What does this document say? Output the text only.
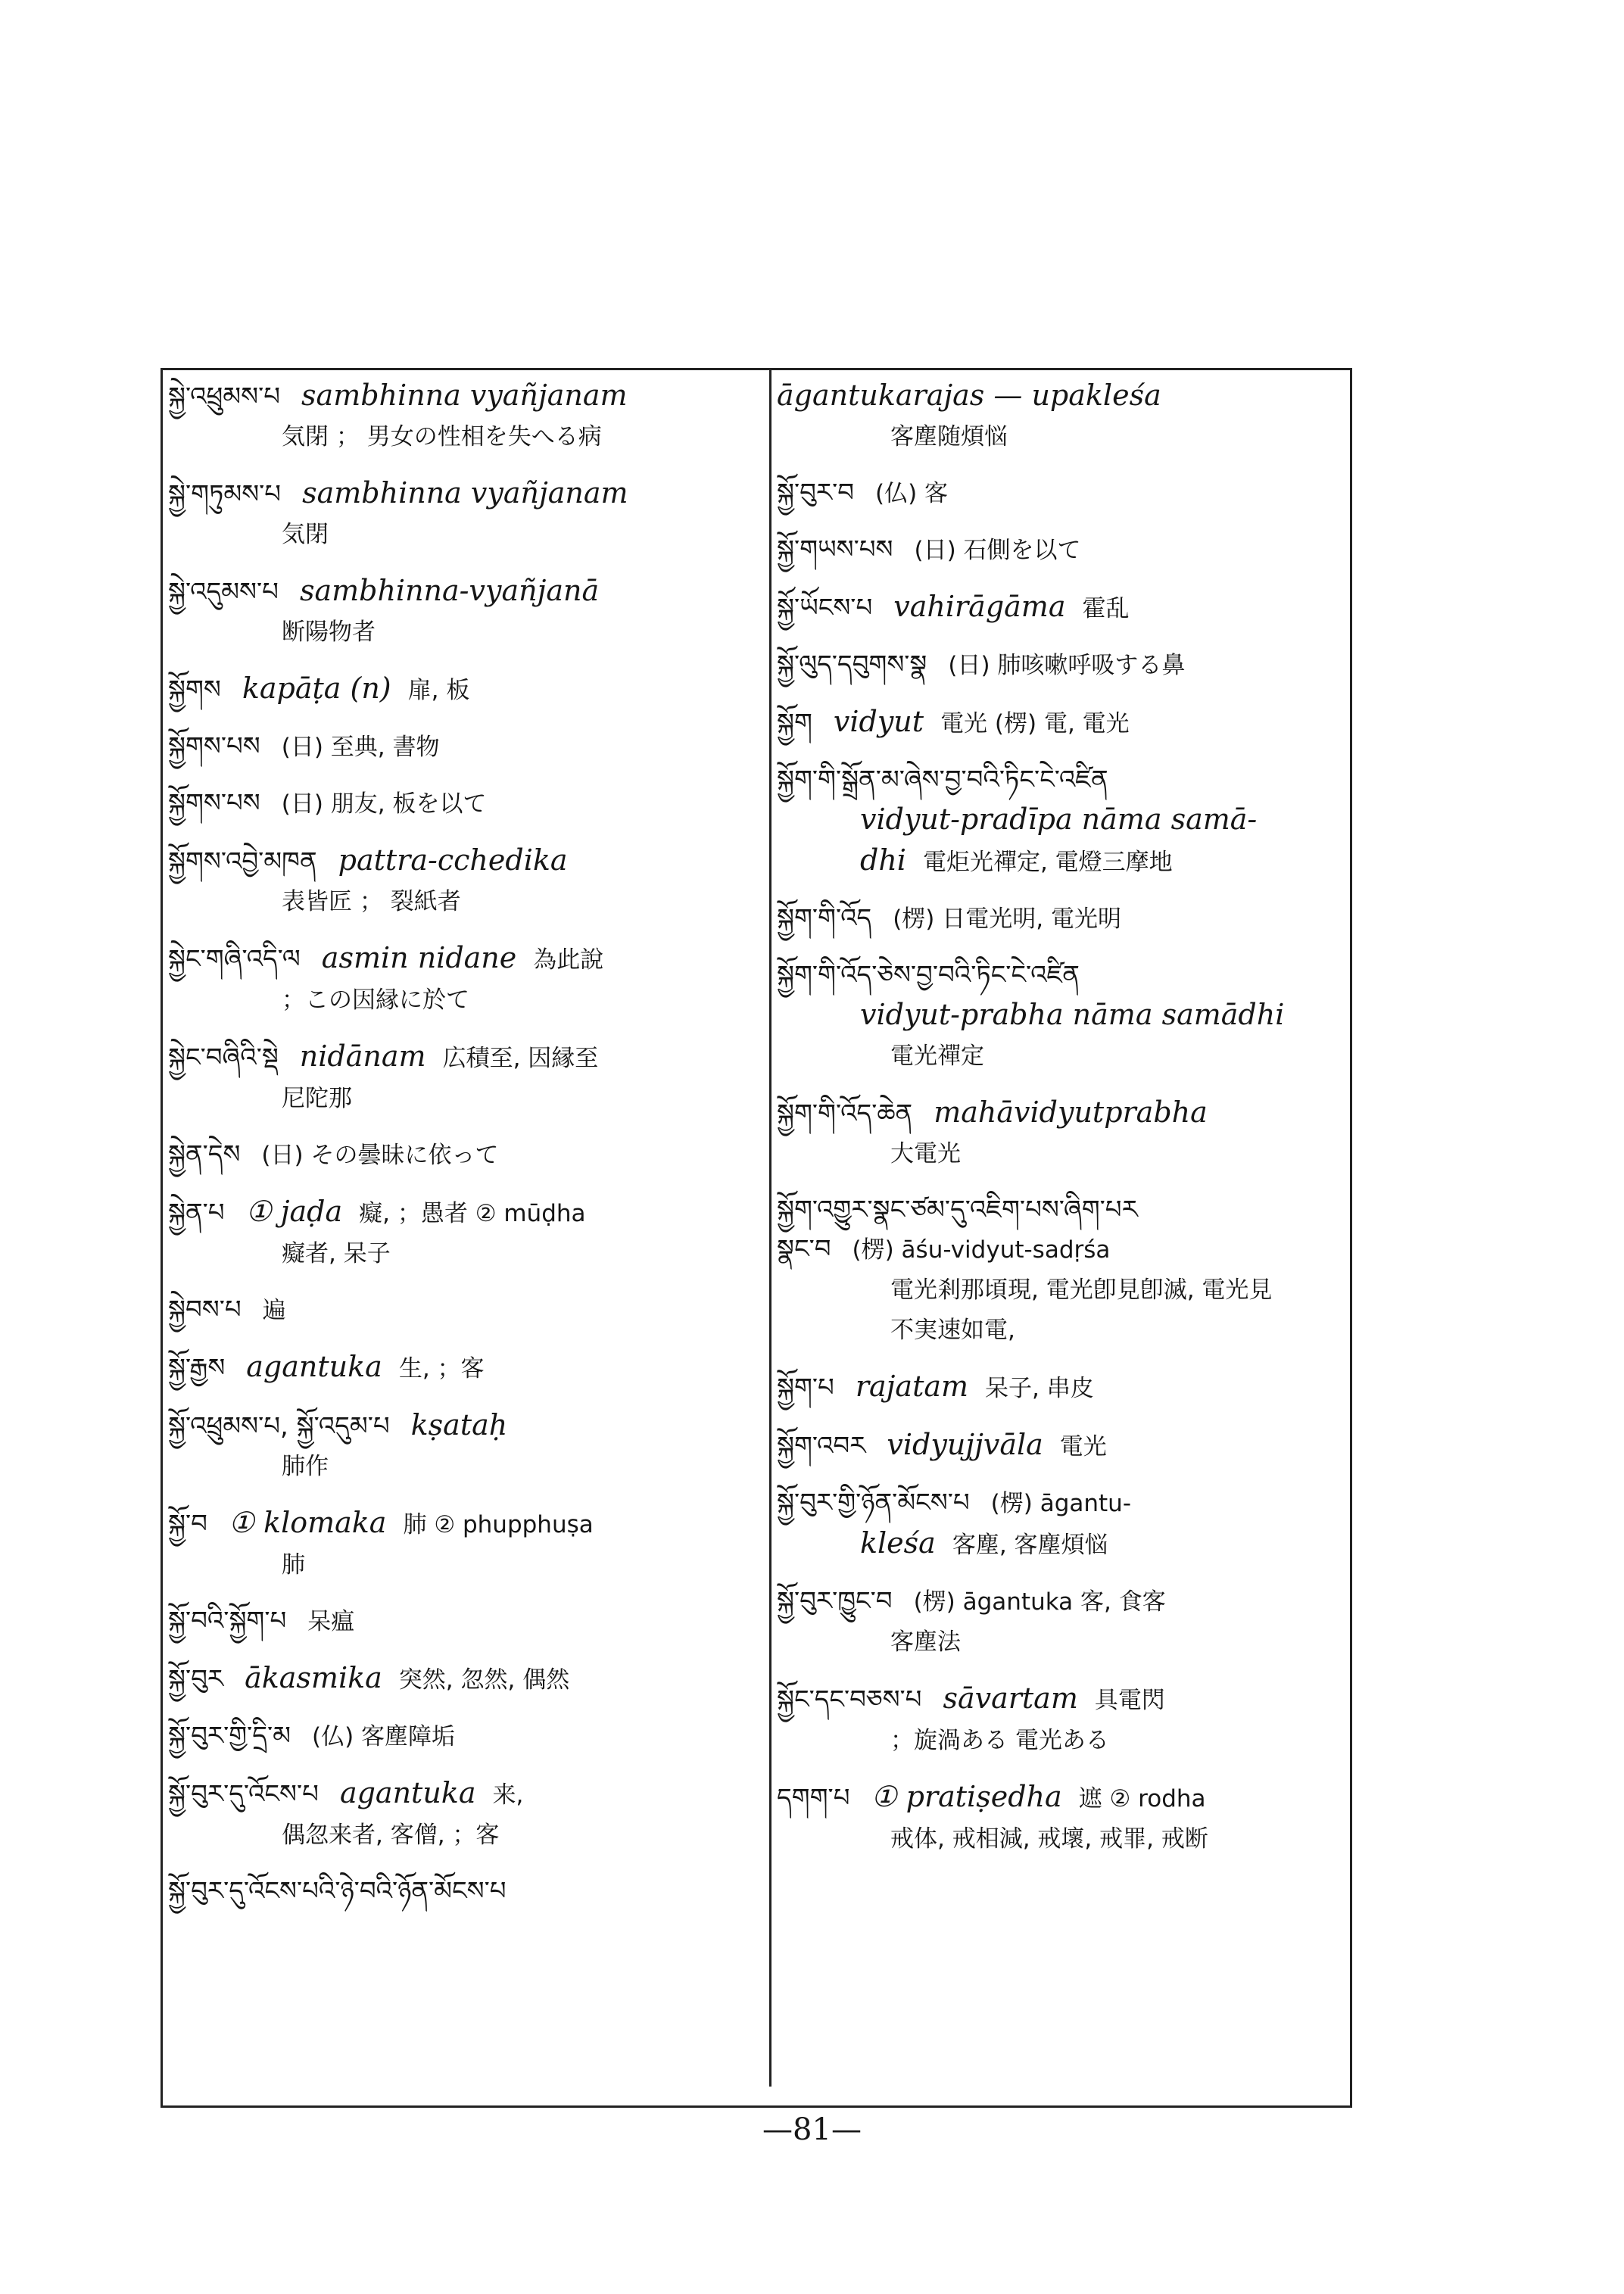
སྐྱེ་འཕྲུམས་པ sambhinna vyañjanam
気閉 ； 男女の性相を失へる病
སྐྱེ་གཏུམས་པ sambhinna vyañjanam
気閉
སྐྱེ་འདུམས་པ sambhinna-vyañjanā
断陽物者
སྐྱོགས kapāṭa (n) 扉, 板
སྐྱོགས་པས (日) 至典, 書物
སྐྱོགས་པས (日) 朋友, 板を以て
སྐྱོགས་འབྱེ་མཁན pattra-cchedika
表皆匠 ； 裂紙者
སྐྱེང་གཞི་འདི་ལ asmin nidane 為此說
；この因縁に於て
སྐྱེང་བཞིའི་སྡེ nidānam 広積至, 因縁至
尼陀那
སྐྱེན་དེས (日) その曇昧に依って
སྐྱེན་པ ① jaḍa 癡, ；愚者 ② mūḍha
癡者, 呆子
སྐྱེབས་པ 遍
སྐྱོ་རྒྱས agantuka 生, ；客
སྐྱོ་འཕྲུམས་པ, སྐྱོ་འདུམ་པ kṣataḥ
肺作
སྐྱོ་བ ① klomaka 肺 ② phupphuṣa
肺
སྐྱོ་བའི་སྐྱོག་པ 呆瘟
སྐྱོ་བུར ākasmika 突然, 忽然, 偶然
སྐྱོ་བུར་གྱི་དྲི་མ (仏) 客塵障垢
སྐྱོ་བུར་དུ་འོངས་པ agantuka 来,
偶忽来者, 客僧, ；客
སྐྱོ་བུར་དུ་འོངས་པའི་ཉེ་བའི་ཉོན་མོངས་པ
āgantukarajas — upakleśa
客塵随煩悩
སྐྱོ་བུར་བ (仏) 客
སྐྱོ་གཡས་པས (日) 石側を以て
སྐྱོ་ཡོངས་པ vahirāgāma 霍乱
སྐྱོ་ལུད་དབུགས་སྣ (日) 肺咳嗽呼吸する鼻
སྐྱོག vidyut 電光 (楞) 電, 電光
སྐྱོག་གི་སྒྲོན་མ་ཞེས་བྱ་བའི་ཏིང་ངེ་འཛིན
vidyut-pradīpa nāma samā-
dhi 電炬光禪定, 電燈三摩地
སྐྱོག་གི་འོད (楞) 日電光明, 電光明
སྐྱོག་གི་འོད་ཅེས་བྱ་བའི་ཏིང་ངེ་འཛིན
vidyut-prabha nāma samādhi
電光禪定
སྐྱོག་གི་འོད་ཆེན mahāvidyutprabha
大電光
སྐྱོག་འགྱུར་སྣང་ཙམ་དུ་འཇིག་པས་ཞིག་པར
སྣང་བ (楞) āśu-vidyut-sadṛśa
電光剎那頃現, 電光卽見卽滅, 電光見
不実速如電,
སྐྱོག་པ rajatam 呆子, 串皮
སྐྱོག་འབར vidyujjvāla 電光
སྐྱོ་བུར་གྱི་ཉོན་མོངས་པ (楞) āgantu-
kleśa 客塵, 客塵煩悩
སྐྱོ་བུར་ཁྱུང་བ (楞) āgantuka 客, 食客
客塵法
སྐྱོང་དང་བཅས་པ sāvartam 具電閃
；旋渦ある 電光ある
དགག་པ ① pratiṣedha 遮 ② rodha
戒体, 戒相減, 戒壞, 戒罪, 戒断
—81—
